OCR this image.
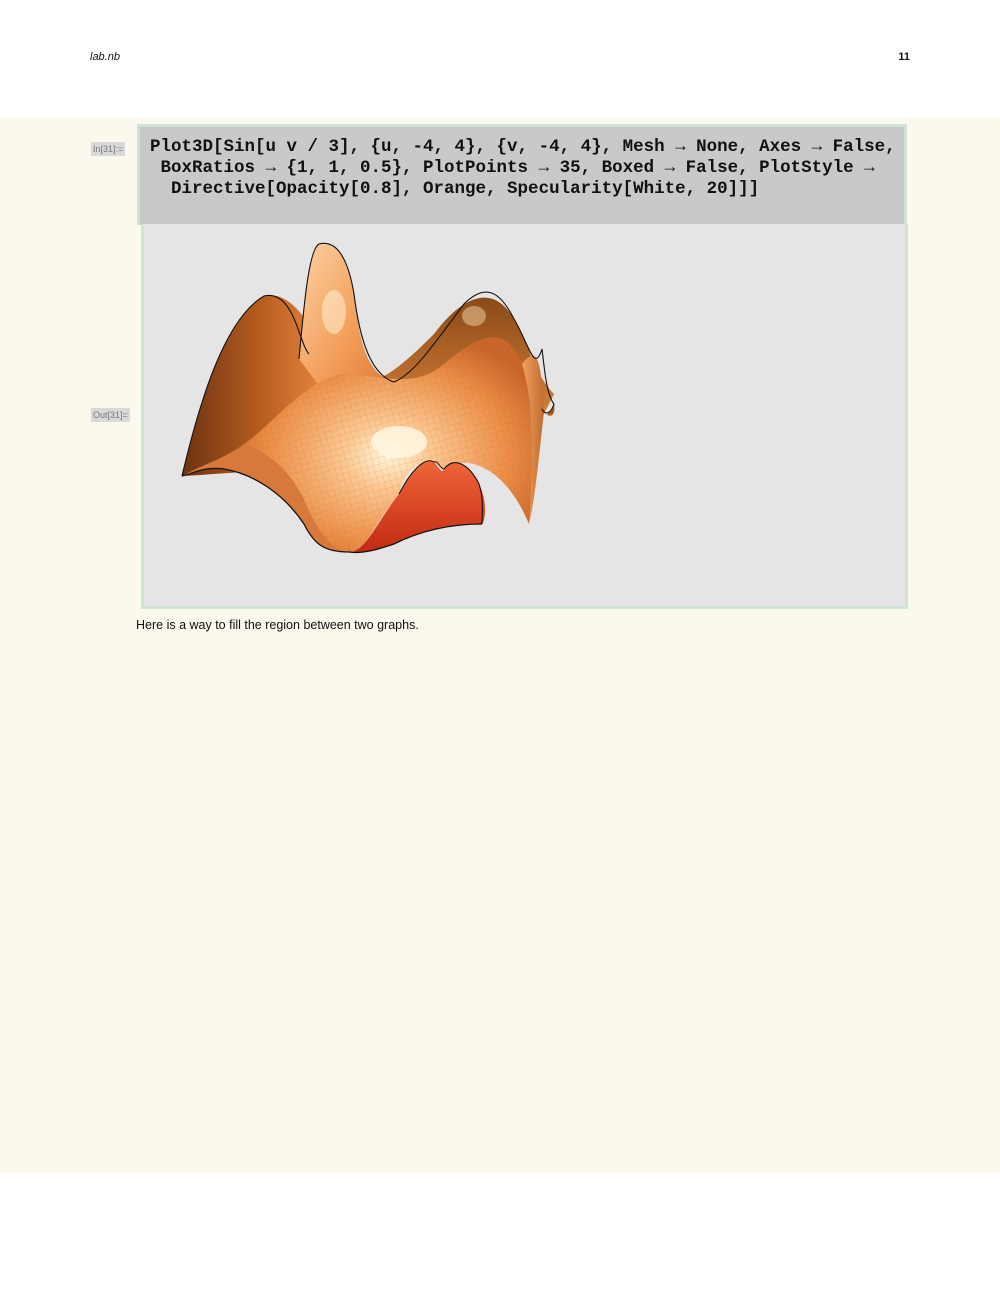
lab.nb	11
In[31]:= Plot3D[Sin[u v / 3], {u, -4, 4}, {v, -4, 4}, Mesh → None, Axes → False,
BoxRatios → {1, 1, 0.5}, PlotPoints → 35, Boxed → False, PlotStyle →
Directive[Opacity[0.8], Orange, Specularity[White, 20]]]
Out[31]=
Here is a way to fill the region between two graphs.
